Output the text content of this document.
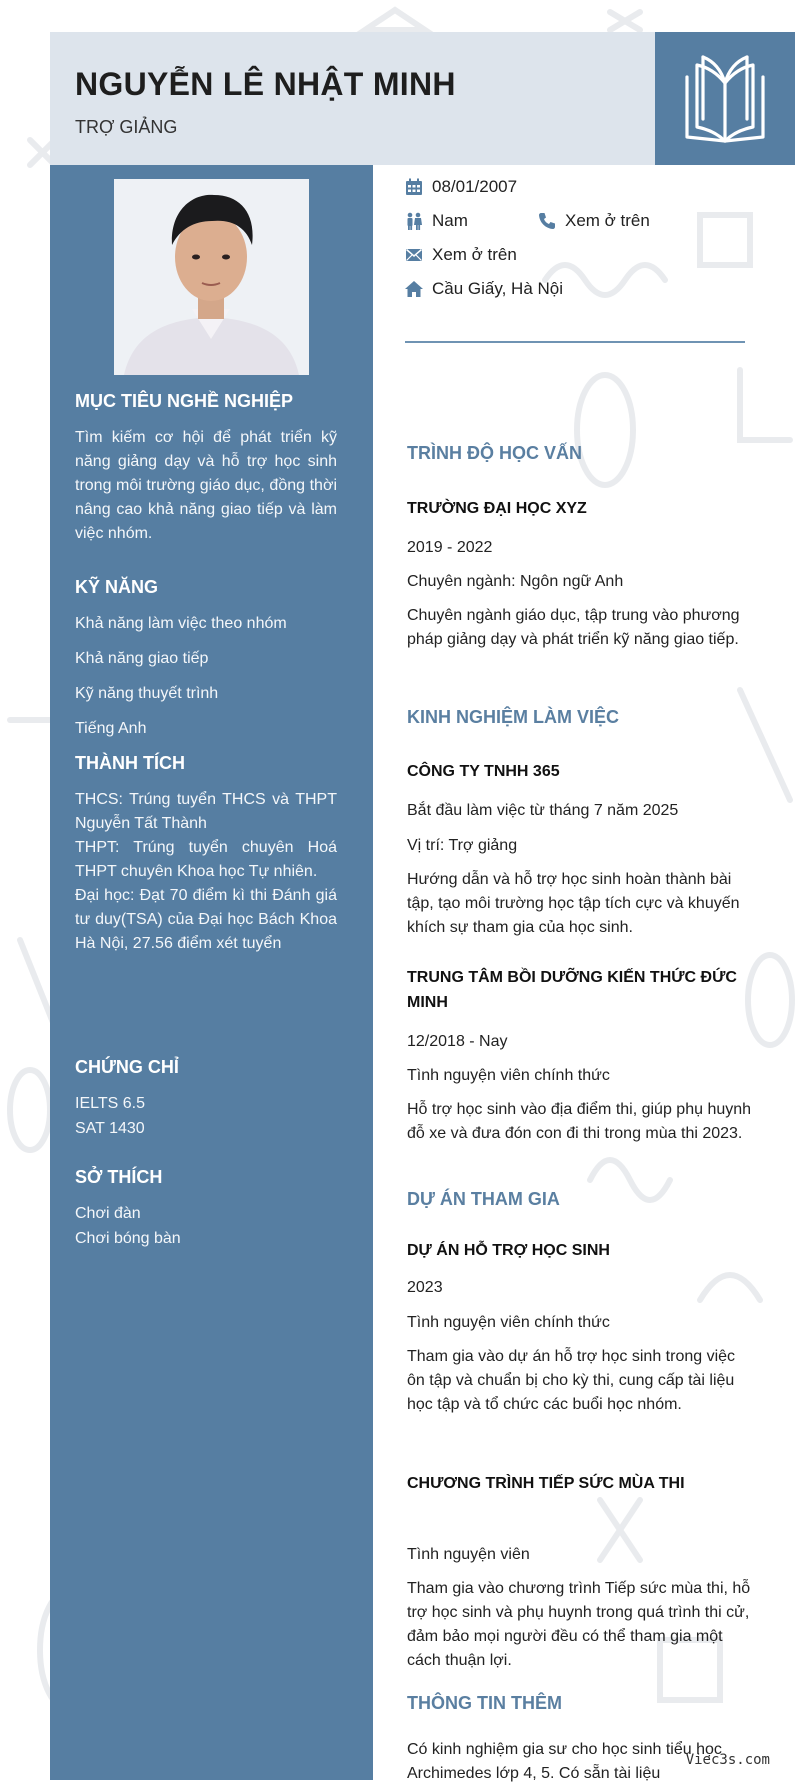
NGUYỄN LÊ NHẬT MINH

TRỢ GIẢNG

MỤC TIÊU NGHỀ NGHIỆP

Tìm kiếm cơ hội để phát triển kỹ năng giảng dạy và hỗ trợ học sinh trong môi trường giáo dục, đồng thời nâng cao khả năng giao tiếp và làm việc nhóm.

KỸ NĂNG
Khả năng làm việc theo nhóm
Khả năng giao tiếp
Kỹ năng thuyết trình
Tiếng Anh
THÀNH TÍCH

THCS: Trúng tuyển THCS và THPT Nguyễn Tất Thành

THPT: Trúng tuyển chuyên Hoá THPT chuyên Khoa học Tự nhiên.

Đại học: Đạt 70 điểm kì thi Đánh giá tư duy(TSA) của Đại học Bách Khoa Hà Nội, 27.56 điểm xét tuyển

CHỨNG CHỈ
IELTS 6.5
SAT 1430
SỞ THÍCH
Chơi đàn
Chơi bóng bàn
08/01/2007
Nam	Xem ở trên
Xem ở trên
Cầu Giấy, Hà Nội
TRÌNH ĐỘ HỌC VẤN

TRƯỜNG ĐẠI HỌC XYZ

2019 - 2022

Chuyên ngành: Ngôn ngữ Anh

Chuyên ngành giáo dục, tập trung vào phương pháp giảng dạy và phát triển kỹ năng giao tiếp.

KINH NGHIỆM LÀM VIỆC

CÔNG TY TNHH 365

Bắt đầu làm việc từ tháng 7 năm 2025

Vị trí: Trợ giảng

Hướng dẫn và hỗ trợ học sinh hoàn thành bài tập, tạo môi trường học tập tích cực và khuyến khích sự tham gia của học sinh.

TRUNG TÂM BỒI DƯỠNG KIẾN THỨC ĐỨC MINH

12/2018 - Nay

Tình nguyện viên chính thức

Hỗ trợ học sinh vào địa điểm thi, giúp phụ huynh đỗ xe và đưa đón con đi thi trong mùa thi 2023.

DỰ ÁN THAM GIA

DỰ ÁN HỖ TRỢ HỌC SINH

2023

Tình nguyện viên chính thức

Tham gia vào dự án hỗ trợ học sinh trong việc ôn tập và chuẩn bị cho kỳ thi, cung cấp tài liệu học tập và tổ chức các buổi học nhóm.

CHƯƠNG TRÌNH TIẾP SỨC MÙA THI

Tình nguyện viên

Tham gia vào chương trình Tiếp sức mùa thi, hỗ trợ học sinh và phụ huynh trong quá trình thi cử, đảm bảo mọi người đều có thể tham gia một cách thuận lợi.

THÔNG TIN THÊM

Có kinh nghiệm gia sư cho học sinh tiểu học Archimedes lớp 4, 5. Có sẵn tài liệu

Viec3s.com
